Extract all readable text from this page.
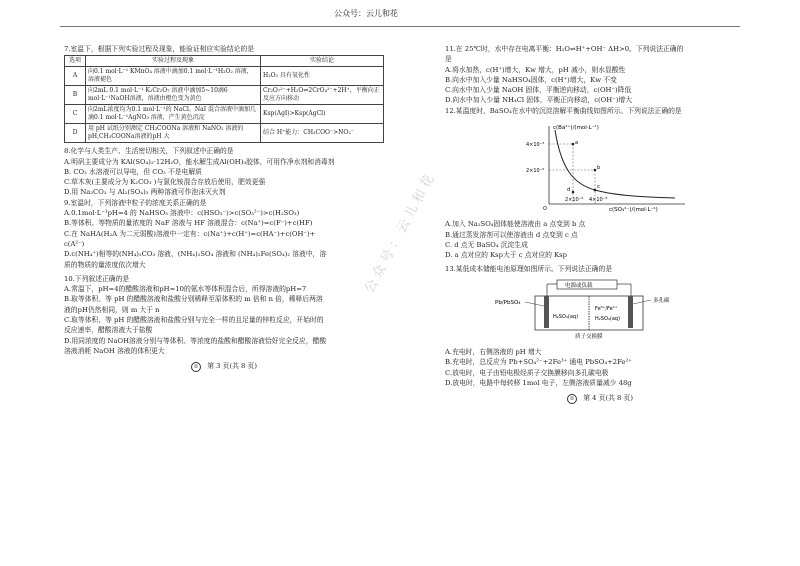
公众号：云儿和花
公众号：云儿和花
7.室温下，根据下列实验过程及现象，能验证相应实验结论的是
选项	实验过程及现象	实验结论
A	向0.1 mol·L⁻¹ KMnO₄ 溶液中滴加0.1 mol·L⁻¹H₂O₂ 溶液，溶液褪色	H₂O₂ 具有氧化性
B	向2mL 0.1 mol·L⁻¹ K₂Cr₂O₇ 溶液中滴加5~10滴6 mol·L⁻¹NaOH溶液，溶液由橙色变为黄色	Cr₂O₇²⁻+H₂O⇌2CrO₄²⁻+2H⁺，平衡向正反应方向移动
C	向2mL浓度均为0.1 mol·L⁻¹的 NaCl、NaI 混合溶液中滴加几滴0.1 mol·L⁻¹AgNO₃ 溶液，产生黄色沉淀	Ksp(AgI)>Ksp(AgCl)
D	用 pH 试纸分别测定 CH₃COONa 溶液和 NaNO₂ 溶液的pH,CH₃COONa溶液的pH 大	结合 H⁺能力：CH₃COO⁻>NO₂⁻
8.化学与人类生产、生活密切相关，下列叙述中正确的是
A.明矾主要成分为 KAl(SO₄)₂·12H₂O，能水解生成Al(OH)₃胶体，可用作净水剂和消毒剂
B. CO₂ 水溶液可以导电，但 CO₂ 不是电解质
C.草木灰(主要成分为 K₂CO₃ )与氯化铵混合存放后使用，肥效更强
D.用 Na₂CO₃ 与 Al₂(SO₄)₃ 两种溶液可作泡沫灭火剂
9.室温时，下列溶液中粒子的浓度关系正确的是
A.0.1mol·L⁻¹pH=4 的 NaHSO₃ 溶液中：c(HSO₃⁻)>c(SO₃²⁻)>c(H₂SO₃)
B.等体积、等物质的量浓度的 NaF 溶液与 HF 溶液混合：c(Na⁺)=c(F⁻)+c(HF)
C.在 NaHA(H₂A 为二元弱酸)溶液中一定有：c(Na⁺)+c(H⁺)=c(HA⁻)+c(OH⁻)+
c(A²⁻)
D.c(NH₄⁺)相等的(NH₄)₂CO₃ 溶液、(NH₄)₂SO₄ 溶液和 (NH₄)₂Fe(SO₄)₂ 溶液中，溶
质的物质的量浓度依次增大
10.下列叙述正确的是
A.常温下，pH=4的醋酸溶液和pH=10的氨水等体积混合后，所得溶液的pH=7
B.取等体积、等 pH 的醋酸溶液和盐酸分别稀释至原体积的 m 倍和 n 倍，稀释后两溶
液的pH仍然相同，则 m 大于 n
C.取等体积、等 pH 的醋酸溶液和盐酸分别与完全一样的且足量的锌粒反应，开始时的
反应速率，醋酸溶液大于盐酸
D.用同浓度的 NaOH溶液分别与等体积、等浓度的盐酸和醋酸溶液恰好完全反应，醋酸
溶液消耗 NaOH 溶液的体积更大
① 第 3 页(共 8 页)
11.在 25℃时，水中存在电离平衡：H₂O⇌H⁺+OH⁻ ΔH>0。下列说法正确的
是
A.将水加热，c(H⁺)增大，Kw 增大，pH 减小，则水显酸性
B.向水中加入少量 NaHSO₄固体，c(H⁺)增大，Kw 不变
C.向水中加入少量 NaOH 固体，平衡逆向移动，c(OH⁻)降低
D.向水中加入少量 NH₄Cl 固体，平衡正向移动，c(OH⁻)增大
12.某温度时，BaSO₄在水中的沉淀溶解平衡曲线如图所示。下列说法正确的是
c(Ba²⁺)/(mol·L⁻¹)
c(SO₄²⁻)/(mol·L⁻¹)
4×10⁻⁵
2×10⁻⁵
2×10⁻⁵ 4×10⁻⁵
O
a
b
c
d
A.加入 Na₂SO₄固体能使溶液由 a 点变到 b 点
B.通过蒸发溶剂可以使溶液由 d 点变到 c 点
C. d 点无 BaSO₄ 沉淀生成
D. a 点对应的 Ksp大于 c 点对应的 Ksp
13.某低成本储能电池原理如图所示。下列说法正确的是
电源或负载
Pb/PbSO₄	多孔碳
H₂SO₄(aq)
Fe³⁺/Fe²⁺
H₂SO₄(aq)
质子交换膜
A.充电时，右侧溶液的 pH 增大
B.充电时，总反应为 Pb+SO₄²⁻+2Fe³⁺ 通电 PbSO₄+2Fe²⁺
C.放电时，电子由铅电极经质子交换膜移向多孔碳电极
D.放电时，电路中每转移 1mol 电子，左侧溶液质量减少 48g
① 第 4 页(共 8 页)
